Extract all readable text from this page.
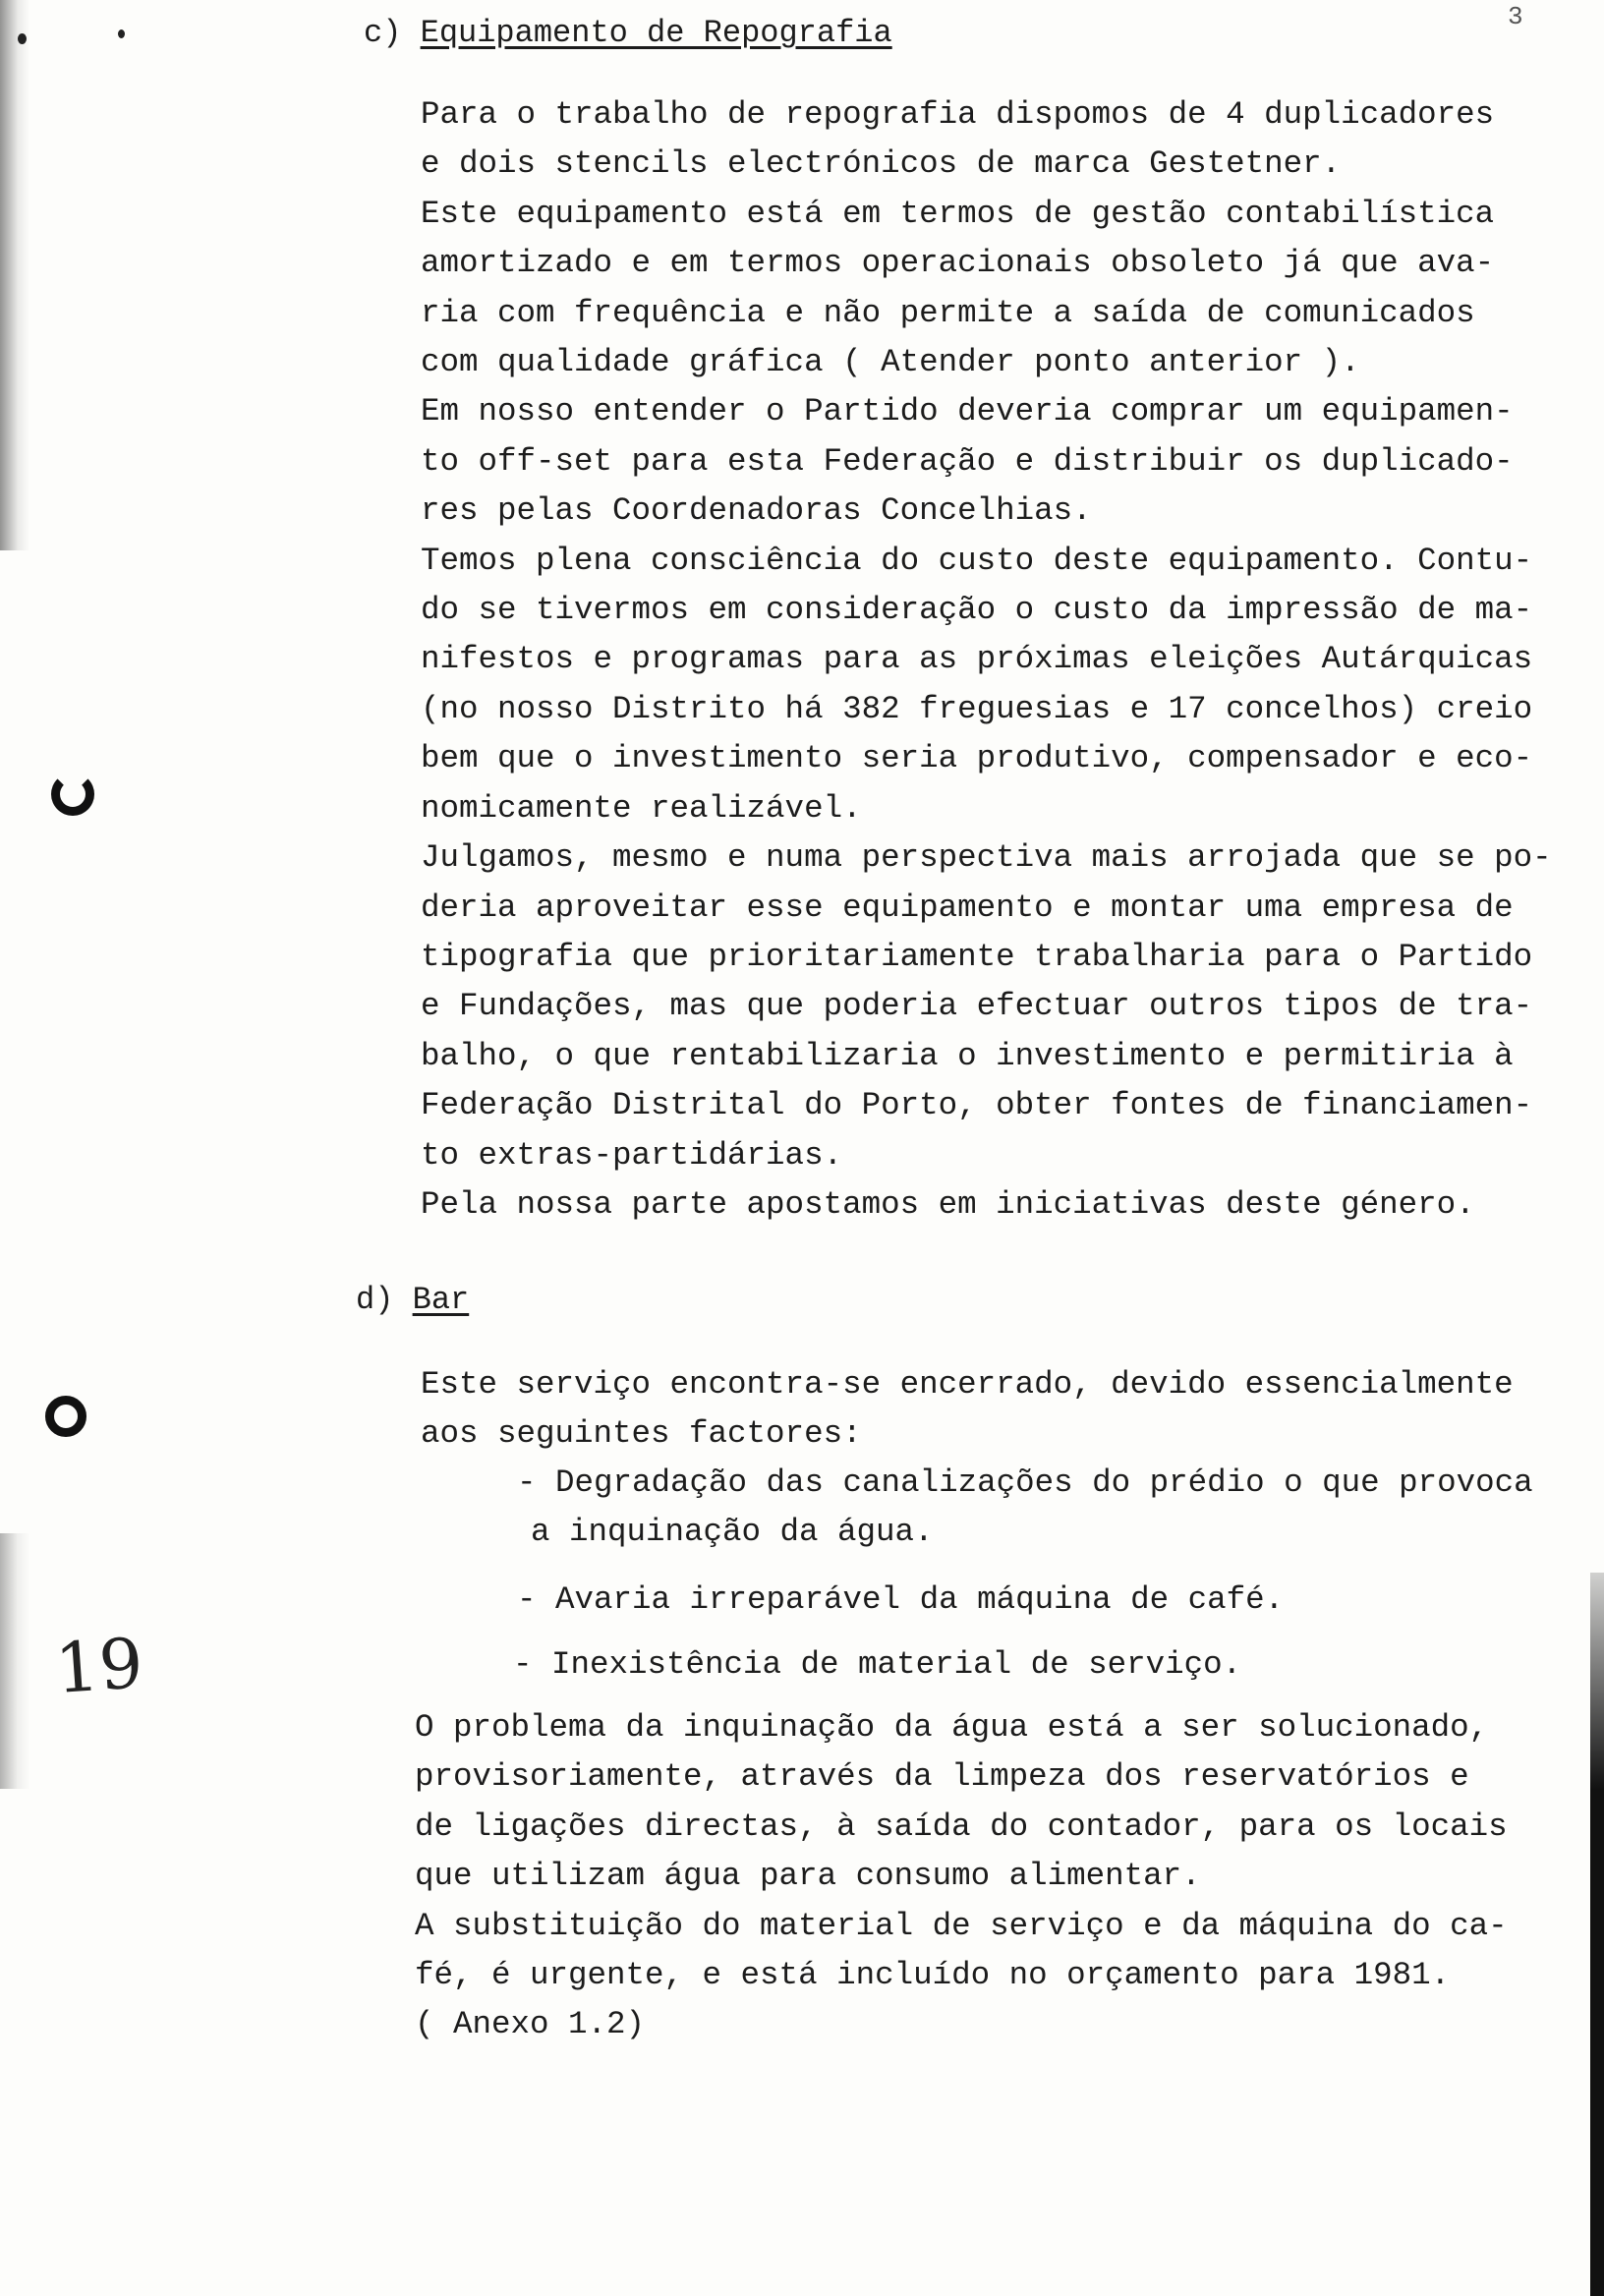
3
19
c) Equipamento de Repografia
Para o trabalho de repografia dispomos de 4 duplicadores
e dois stencils electrónicos de marca Gestetner.
Este equipamento está em termos de gestão contabilística
amortizado e em termos operacionais obsoleto já que ava-
ria com frequência e não permite a saída de comunicados
com qualidade gráfica ( Atender ponto anterior ).
Em nosso entender o Partido deveria comprar um equipamen-
to off-set para esta Federação e distribuir os duplicado-
res pelas Coordenadoras Concelhias.
Temos plena consciência do custo deste equipamento. Contu-
do se tivermos em consideração o custo da impressão de ma-
nifestos e programas para as próximas eleições Autárquicas
(no nosso Distrito há 382 freguesias e 17 concelhos) creio
bem que o investimento seria produtivo, compensador e eco-
nomicamente realizável.
Julgamos, mesmo e numa perspectiva mais arrojada que se po-
deria aproveitar esse equipamento e montar uma empresa de
tipografia que prioritariamente trabalharia para o Partido
e Fundações, mas que poderia efectuar outros tipos de tra-
balho, o que rentabilizaria o investimento e permitiria à
Federação Distrital do Porto, obter fontes de financiamen-
to extras-partidárias.
Pela nossa parte apostamos em iniciativas deste género.
d) Bar
Este serviço encontra-se encerrado, devido essencialmente
aos seguintes factores:

- Degradação das canalizações do prédio o que provoca

a inquinação da água.

- Avaria irreparável da máquina de café.

- Inexistência de material de serviço.

O problema da inquinação da água está a ser solucionado,
provisoriamente, através da limpeza dos reservatórios e
de ligações directas, à saída do contador, para os locais
que utilizam água para consumo alimentar.
A substituição do material de serviço e da máquina do ca-
fé, é urgente, e está incluído no orçamento para 1981.
( Anexo 1.2)
